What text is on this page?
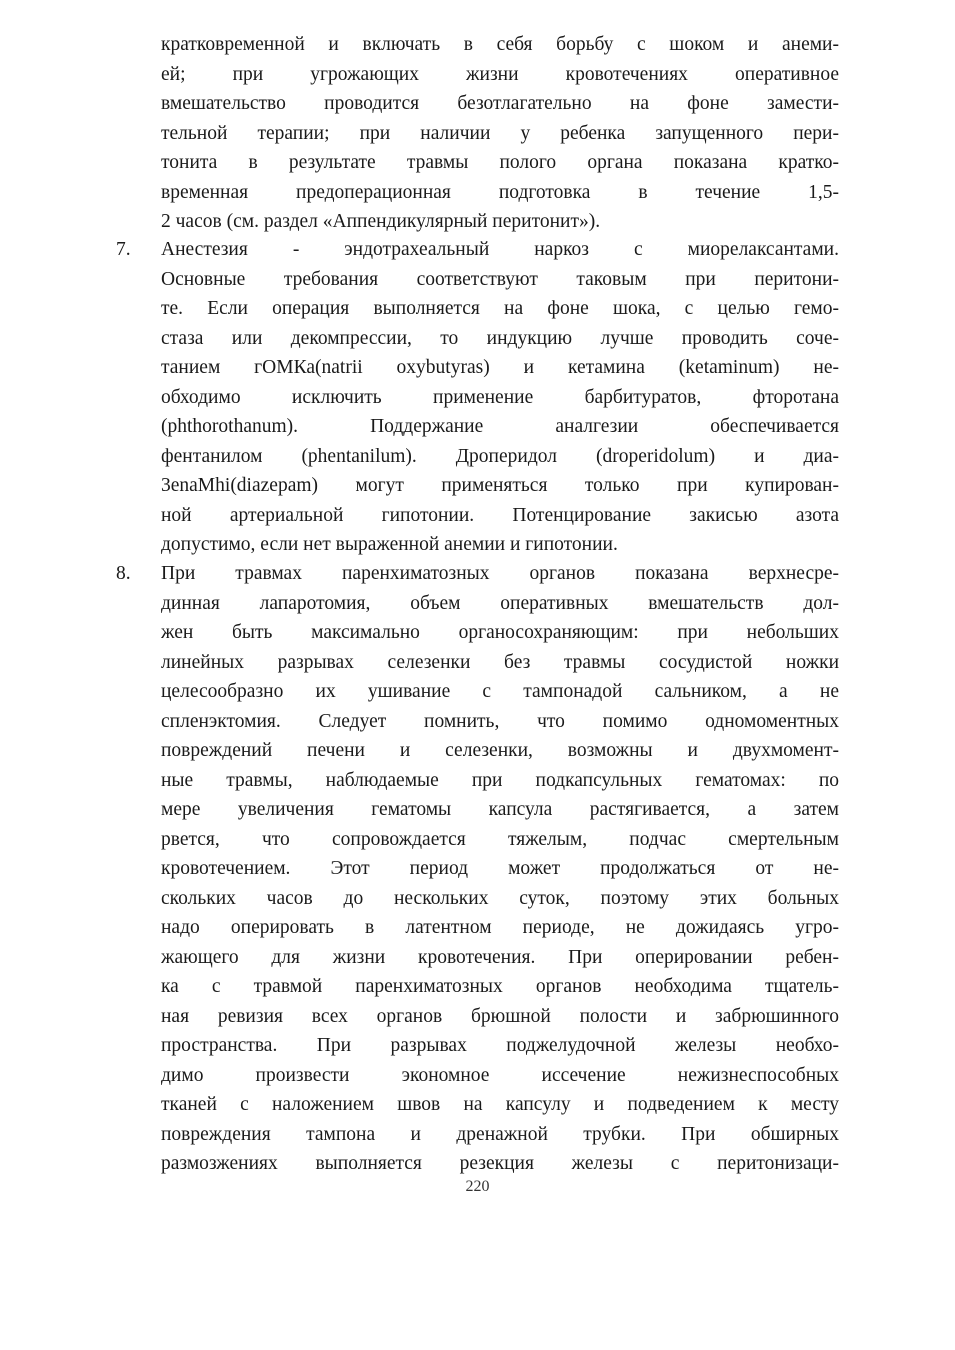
кратковременной и включать в себя борьбу с шоком и анеми-
ей; при угрожающих жизни кровотечениях оперативное
вмешательство проводится безотлагательно на фоне замести-
тельной терапии; при наличии у ребенка запущенного пери-
тонита в результате травмы полого органа показана кратко-
временная предоперационная подготовка в течение 1,5-
2 часов (см. раздел «Аппендикулярный перитонит»).
7. Анестезия - эндотрахеальный наркоз с миорелаксантами.
Основные требования соответствуют таковым при перитони-
те. Если операция выполняется на фоне шока, с целью гемо-
стаза или декомпрессии, то индукцию лучше проводить соче-
танием гОМКа(natrii oxybutyras) и кетамина (ketaminum) не-
обходимо исключить применение барбитуратов, фторотана
(phthorothanum). Поддержание аналгезии обеспечивается
фентанилом (phentanilum). Дроперидол (droperidolum) и диа-
3enaMhi(diazepam) могут применяться только при купирован-
ной артериальной гипотонии. Потенцирование закисью азота
допустимо, если нет выраженной анемии и гипотонии.
8. При травмах паренхиматозных органов показана верхнесре-
динная лапаротомия, объем оперативных вмешательств дол-
жен быть максимально органосохраняющим: при небольших
линейных разрывах селезенки без травмы сосудистой ножки
целесообразно их ушивание с тампонадой сальником, а не
спленэктомия. Следует помнить, что помимо одномоментных
повреждений печени и селезенки, возможны и двухмомент-
ные травмы, наблюдаемые при подкапсульных гематомах: по
мере увеличения гематомы капсула растягивается, а затем
рвется, что сопровождается тяжелым, подчас смертельным
кровотечением. Этот период может продолжаться от не-
скольких часов до нескольких суток, поэтому этих больных
надо оперировать в латентном периоде, не дожидаясь угро-
жающего для жизни кровотечения. При оперировании ребен-
ка с травмой паренхиматозных органов необходима тщатель-
ная ревизия всех органов брюшной полости и забрюшинного
пространства. При разрывах поджелудочной железы необхо-
димо произвести экономное иссечение нежизнеспособных
тканей с наложением швов на капсулу и подведением к месту
повреждения тампона и дренажной трубки. При обширных
размозжениях выполняется резекция железы с перитонизаци-
220
